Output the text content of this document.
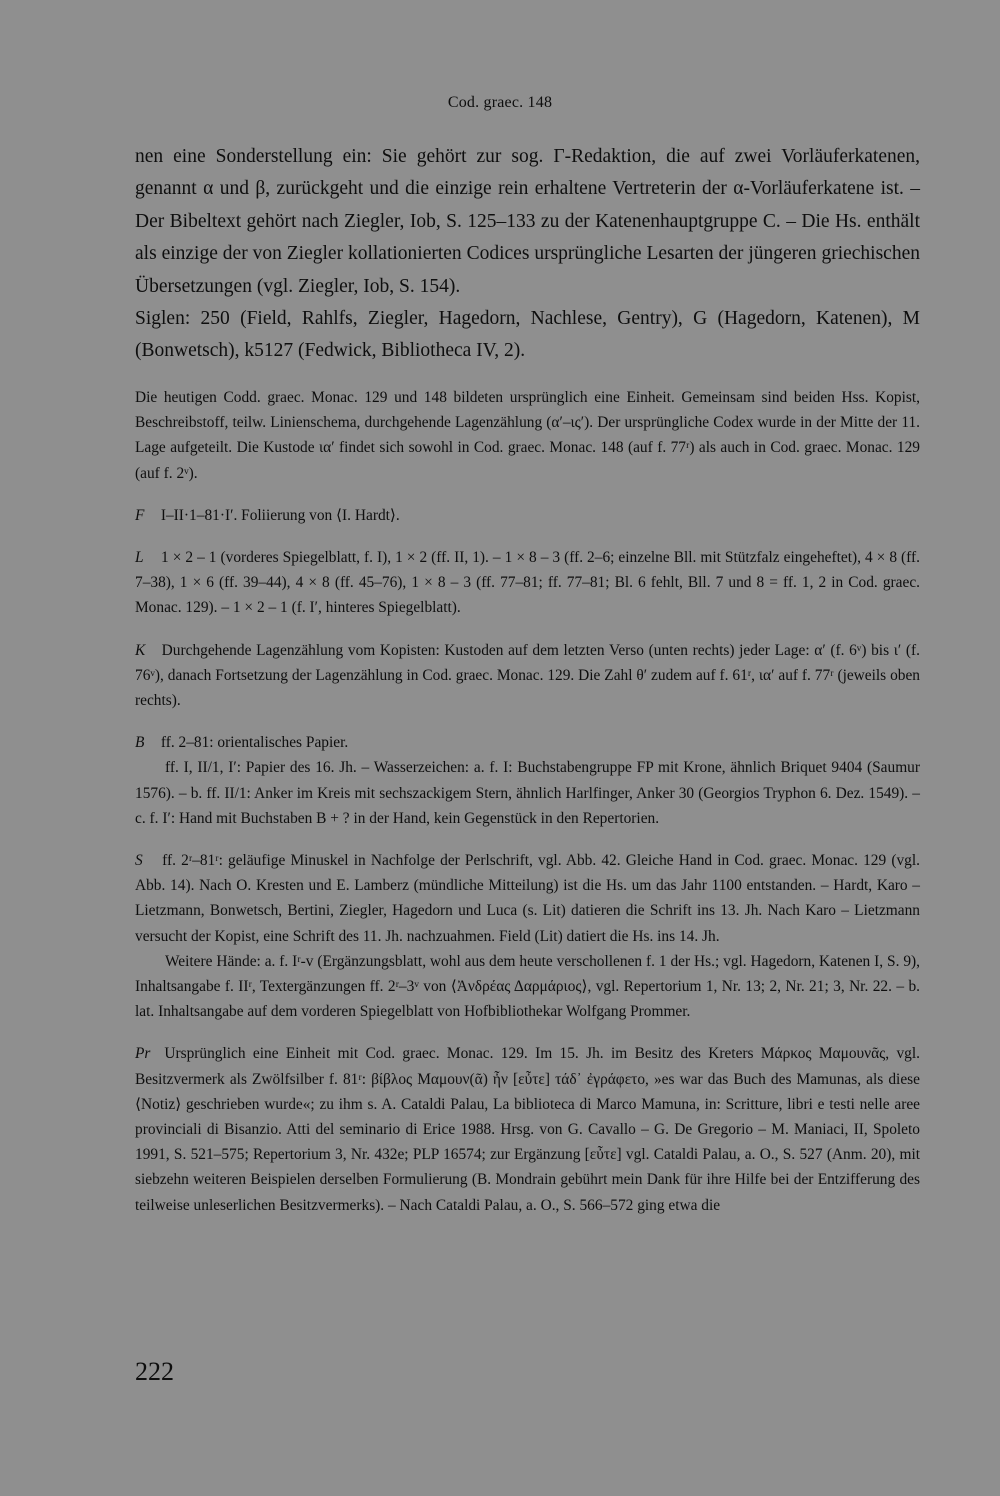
Cod. graec. 148

nen eine Sonderstellung ein: Sie gehört zur sog. Γ-Redaktion, die auf zwei Vorläuferkatenen, genannt α und β, zurückgeht und die einzige rein erhaltene Vertreterin der α-Vorläuferkatene ist. – Der Bibeltext gehört nach Ziegler, Iob, S. 125–133 zu der Katenenhauptgruppe C. – Die Hs. enthält als einzige der von Ziegler kollationierten Codices ursprüngliche Lesarten der jüngeren griechischen Übersetzungen (vgl. Ziegler, Iob, S. 154).

Siglen: 250 (Field, Rahlfs, Ziegler, Hagedorn, Nachlese, Gentry), G (Hagedorn, Katenen), M (Bonwetsch), k5127 (Fedwick, Bibliotheca IV, 2).

Die heutigen Codd. graec. Monac. 129 und 148 bildeten ursprünglich eine Einheit. Gemeinsam sind beiden Hss. Kopist, Beschreibstoff, teilw. Linienschema, durchgehende Lagenzählung (α′–ις′). Der ursprüngliche Codex wurde in der Mitte der 11. Lage aufgeteilt. Die Kustode ια′ findet sich sowohl in Cod. graec. Monac. 148 (auf f. 77ʳ) als auch in Cod. graec. Monac. 129 (auf f. 2ᵛ).

F I–II·1–81·I′. Foliierung von ⟨I. Hardt⟩.

L 1 × 2 – 1 (vorderes Spiegelblatt, f. I), 1 × 2 (ff. II, 1). – 1 × 8 – 3 (ff. 2–6; einzelne Bll. mit Stützfalz eingeheftet), 4 × 8 (ff. 7–38), 1 × 6 (ff. 39–44), 4 × 8 (ff. 45–76), 1 × 8 – 3 (ff. 77–81; ff. 77–81; Bl. 6 fehlt, Bll. 7 und 8 = ff. 1, 2 in Cod. graec. Monac. 129). – 1 × 2 – 1 (f. I′, hinteres Spiegelblatt).

K Durchgehende Lagenzählung vom Kopisten: Kustoden auf dem letzten Verso (unten rechts) jeder Lage: α′ (f. 6ᵛ) bis ι′ (f. 76ᵛ), danach Fortsetzung der Lagenzählung in Cod. graec. Monac. 129. Die Zahl θ′ zudem auf f. 61ʳ, ια′ auf f. 77ʳ (jeweils oben rechts).

B ff. 2–81: orientalisches Papier.

ff. I, II/1, I′: Papier des 16. Jh. – Wasserzeichen: a. f. I: Buchstabengruppe FP mit Krone, ähnlich Briquet 9404 (Saumur 1576). – b. ff. II/1: Anker im Kreis mit sechszackigem Stern, ähnlich Harlfinger, Anker 30 (Georgios Tryphon 6. Dez. 1549). – c. f. I′: Hand mit Buchstaben B + ? in der Hand, kein Gegenstück in den Repertorien.

S ff. 2ʳ–81ʳ: geläufige Minuskel in Nachfolge der Perlschrift, vgl. Abb. 42. Gleiche Hand in Cod. graec. Monac. 129 (vgl. Abb. 14). Nach O. Kresten und E. Lamberz (mündliche Mitteilung) ist die Hs. um das Jahr 1100 entstanden. – Hardt, Karo – Lietzmann, Bonwetsch, Bertini, Ziegler, Hagedorn und Luca (s. Lit) datieren die Schrift ins 13. Jh. Nach Karo – Lietzmann versucht der Kopist, eine Schrift des 11. Jh. nachzuahmen. Field (Lit) datiert die Hs. ins 14. Jh.

Weitere Hände: a. f. Iʳ-v (Ergänzungsblatt, wohl aus dem heute verschollenen f. 1 der Hs.; vgl. Hagedorn, Katenen I, S. 9), Inhaltsangabe f. IIʳ, Textergänzungen ff. 2ʳ–3ᵛ von ⟨Ἀνδρέας Δαρμάριος⟩, vgl. Repertorium 1, Nr. 13; 2, Nr. 21; 3, Nr. 22. – b. lat. Inhaltsangabe auf dem vorderen Spiegelblatt von Hofbibliothekar Wolfgang Prommer.

Pr Ursprünglich eine Einheit mit Cod. graec. Monac. 129. Im 15. Jh. im Besitz des Kreters Μάρκος Μαμουνᾶς, vgl. Besitzvermerk als Zwölfsilber f. 81ʳ: βίβλος Μαμουν(ᾶ) ἦν [εὖτε] τάδ᾿ ἐγράφετο, »es war das Buch des Mamunas, als diese ⟨Notiz⟩ geschrieben wurde«; zu ihm s. A. Cataldi Palau, La biblioteca di Marco Mamuna, in: Scritture, libri e testi nelle aree provinciali di Bisanzio. Atti del seminario di Erice 1988. Hrsg. von G. Cavallo – G. De Gregorio – M. Maniaci, II, Spoleto 1991, S. 521–575; Repertorium 3, Nr. 432e; PLP 16574; zur Ergänzung [εὖτε] vgl. Cataldi Palau, a. O., S. 527 (Anm. 20), mit siebzehn weiteren Beispielen derselben Formulierung (B. Mondrain gebührt mein Dank für ihre Hilfe bei der Entzifferung des teilweise unleserlichen Besitzvermerks). – Nach Cataldi Palau, a. O., S. 566–572 ging etwa die

222
